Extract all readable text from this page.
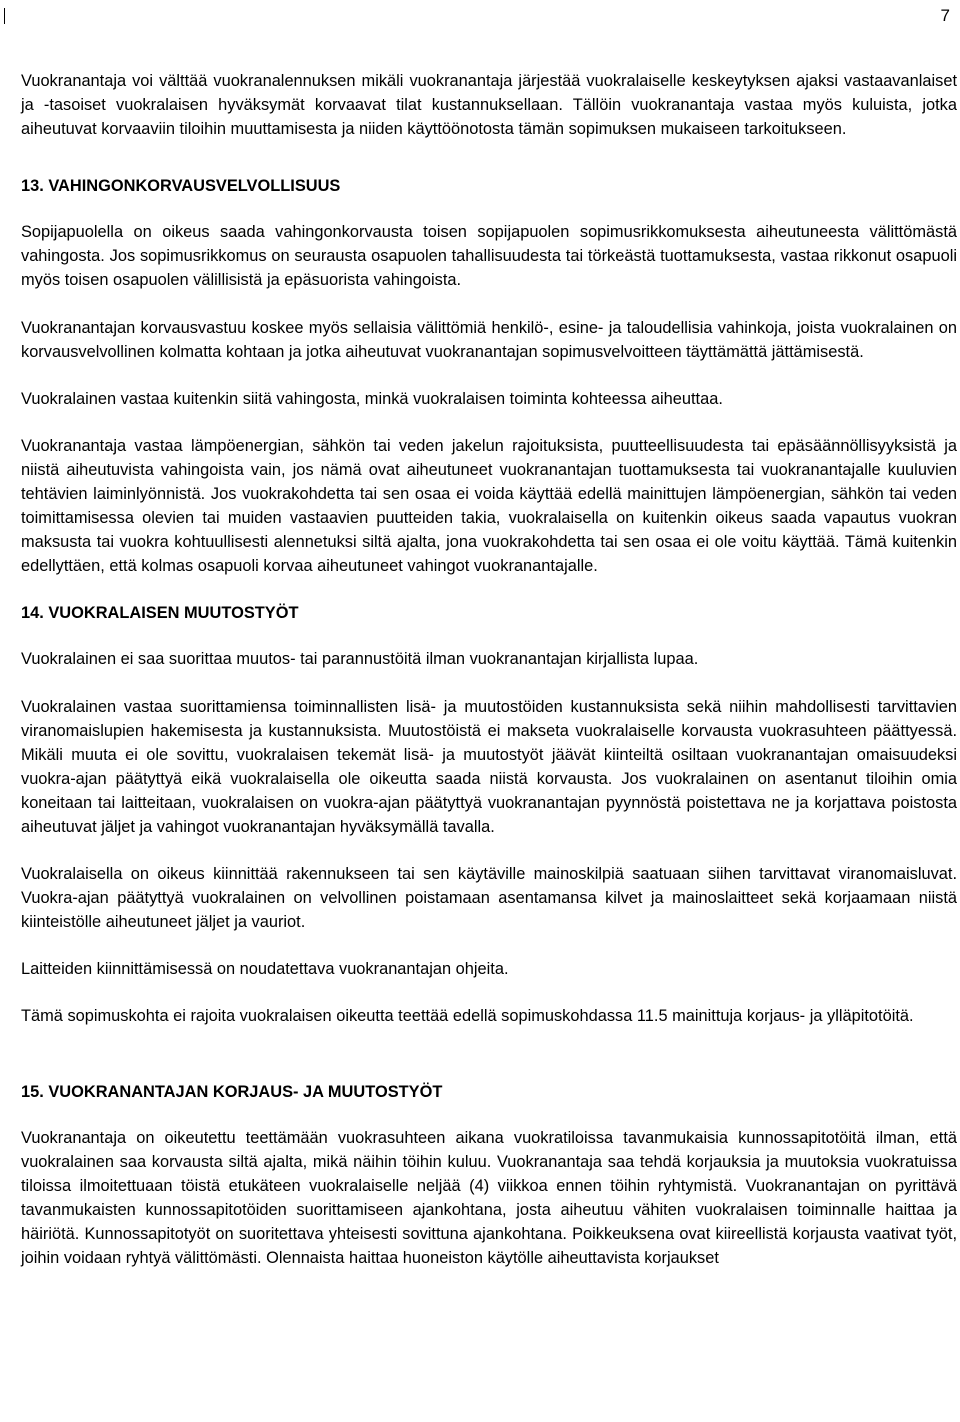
7

Vuokranantaja voi välttää vuokranalennuksen mikäli vuokranantaja järjestää vuokralaiselle keskeytyksen ajaksi vastaavanlaiset ja -tasoiset vuokralaisen hyväksymät korvaavat tilat kustannuksellaan. Tällöin vuokranantaja vastaa myös kuluista, jotka aiheutuvat korvaaviin tiloihin muuttamisesta ja niiden käyttöönotosta tämän sopimuksen mukaiseen tarkoitukseen.

13. VAHINGONKORVAUSVELVOLLISUUS

Sopijapuolella on oikeus saada vahingonkorvausta toisen sopijapuolen sopimusrikkomuksesta aiheutuneesta välittömästä vahingosta. Jos sopimusrikkomus on seurausta osapuolen tahallisuudesta tai törkeästä tuottamuksesta, vastaa rikkonut osapuoli myös toisen osapuolen välillisistä ja epäsuorista vahingoista.

Vuokranantajan korvausvastuu koskee myös sellaisia välittömiä henkilö-, esine- ja taloudellisia vahinkoja, joista vuokralainen on korvausvelvollinen kolmatta kohtaan ja jotka aiheutuvat vuokranantajan sopimusvelvoitteen täyttämättä jättämisestä.

Vuokralainen vastaa kuitenkin siitä vahingosta, minkä vuokralaisen toiminta kohteessa aiheuttaa.

Vuokranantaja vastaa lämpöenergian, sähkön tai veden jakelun rajoituksista, puutteellisuudesta tai epäsäännöllisyyksistä ja niistä aiheutuvista vahingoista vain, jos nämä ovat aiheutuneet vuokranantajan tuottamuksesta tai vuokranantajalle kuuluvien tehtävien laiminlyönnistä. Jos vuokrakohdetta tai sen osaa ei voida käyttää edellä mainittujen lämpöenergian, sähkön tai veden toimittamisessa olevien tai muiden vastaavien puutteiden takia, vuokralaisella on kuitenkin oikeus saada vapautus vuokran maksusta tai vuokra kohtuullisesti alennetuksi siltä ajalta, jona vuokrakohdetta tai sen osaa ei ole voitu käyttää. Tämä kuitenkin edellyttäen, että kolmas osapuoli korvaa aiheutuneet vahingot vuokranantajalle.

14. VUOKRALAISEN MUUTOSTYÖT

Vuokralainen ei saa suorittaa muutos- tai parannustöitä ilman vuokranantajan kirjallista lupaa.

Vuokralainen vastaa suorittamiensa toiminnallisten lisä- ja muutostöiden kustannuksista sekä niihin mahdollisesti tarvittavien viranomaislupien hakemisesta ja kustannuksista. Muutostöistä ei makseta vuokralaiselle korvausta vuokrasuhteen päättyessä. Mikäli muuta ei ole sovittu, vuokralaisen tekemät lisä- ja muutostyöt jäävät kiinteiltä osiltaan vuokranantajan omaisuudeksi vuokra-ajan päätyttyä eikä vuokralaisella ole oikeutta saada niistä korvausta. Jos vuokralainen on asentanut tiloihin omia koneitaan tai laitteitaan, vuokralaisen on vuokra-ajan päätyttyä vuokranantajan pyynnöstä poistettava ne ja korjattava poistosta aiheutuvat jäljet ja vahingot vuokranantajan hyväksymällä tavalla.

Vuokralaisella on oikeus kiinnittää rakennukseen tai sen käytäville mainoskilpiä saatuaan siihen tarvittavat viranomaisluvat. Vuokra-ajan päätyttyä vuokralainen on velvollinen poistamaan asentamansa kilvet ja mainoslaitteet sekä korjaamaan niistä kiinteistölle aiheutuneet jäljet ja vauriot.

Laitteiden kiinnittämisessä on noudatettava vuokranantajan ohjeita.

Tämä sopimuskohta ei rajoita vuokralaisen oikeutta teettää edellä sopimuskohdassa 11.5 mainittuja korjaus- ja ylläpitotöitä.

15. VUOKRANANTAJAN KORJAUS- JA MUUTOSTYÖT

Vuokranantaja on oikeutettu teettämään vuokrasuhteen aikana vuokratiloissa tavanmukaisia kunnossapitotöitä ilman, että vuokralainen saa korvausta siltä ajalta, mikä näihin töihin kuluu. Vuokranantaja saa tehdä korjauksia ja muutoksia vuokratuissa tiloissa ilmoitettuaan töistä etukäteen vuokralaiselle neljää (4) viikkoa ennen töihin ryhtymistä. Vuokranantajan on pyrittävä tavanmukaisten kunnossapitotöiden suorittamiseen ajankohtana, josta aiheutuu vähiten vuokralaisen toiminnalle haittaa ja häiriötä. Kunnossapitotyöt on suoritettava yhteisesti sovittuna ajankohtana. Poikkeuksena ovat kiireellistä korjausta vaativat työt, joihin voidaan ryhtyä välittömästi. Olennaista haittaa huoneiston käytölle aiheuttavista korjaukset
